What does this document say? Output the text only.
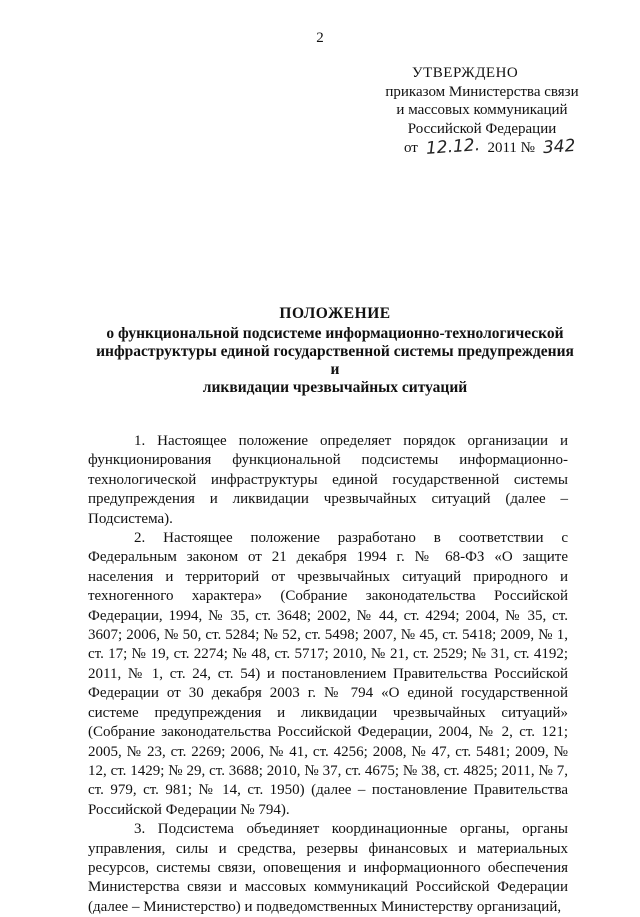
2
УТВЕРЖДЕНО
приказом Министерства связи
и массовых коммуникаций
Российской Федерации
от 12.12. 2011 № 342
ПОЛОЖЕНИЕ
о функциональной подсистеме информационно-технологической
инфраструктуры единой государственной системы предупреждения и
ликвидации чрезвычайных ситуаций

1. Настоящее положение определяет порядок организации и функционирования функциональной подсистемы информационно-технологической инфраструктуры единой государственной системы предупреждения и ликвидации чрезвычайных ситуаций (далее – Подсистема).

2. Настоящее положение разработано в соответствии с Федеральным законом от 21 декабря 1994 г. № 68-ФЗ «О защите населения и территорий от чрезвычайных ситуаций природного и техногенного характера» (Собрание законодательства Российской Федерации, 1994, № 35, ст. 3648; 2002, № 44, ст. 4294; 2004, № 35, ст. 3607; 2006, № 50, ст. 5284; № 52, ст. 5498; 2007, № 45, ст. 5418; 2009, № 1, ст. 17; № 19, ст. 2274; № 48, ст. 5717; 2010, № 21, ст. 2529; № 31, ст. 4192; 2011, № 1, ст. 24, ст. 54) и постановлением Правительства Российской Федерации от 30 декабря 2003 г. № 794 «О единой государственной системе предупреждения и ликвидации чрезвычайных ситуаций» (Собрание законодательства Российской Федерации, 2004, № 2, ст. 121; 2005, № 23, ст. 2269; 2006, № 41, ст. 4256; 2008, № 47, ст. 5481; 2009, № 12, ст. 1429; № 29, ст. 3688; 2010, № 37, ст. 4675; № 38, ст. 4825; 2011, № 7, ст. 979, ст. 981; № 14, ст. 1950) (далее – постановление Правительства Российской Федерации № 794).

3. Подсистема объединяет координационные органы, органы управления, силы и средства, резервы финансовых и материальных ресурсов, системы связи, оповещения и информационного обеспечения Министерства связи и массовых коммуникаций Российской Федерации (далее – Министерство) и подведомственных Министерству организаций,
